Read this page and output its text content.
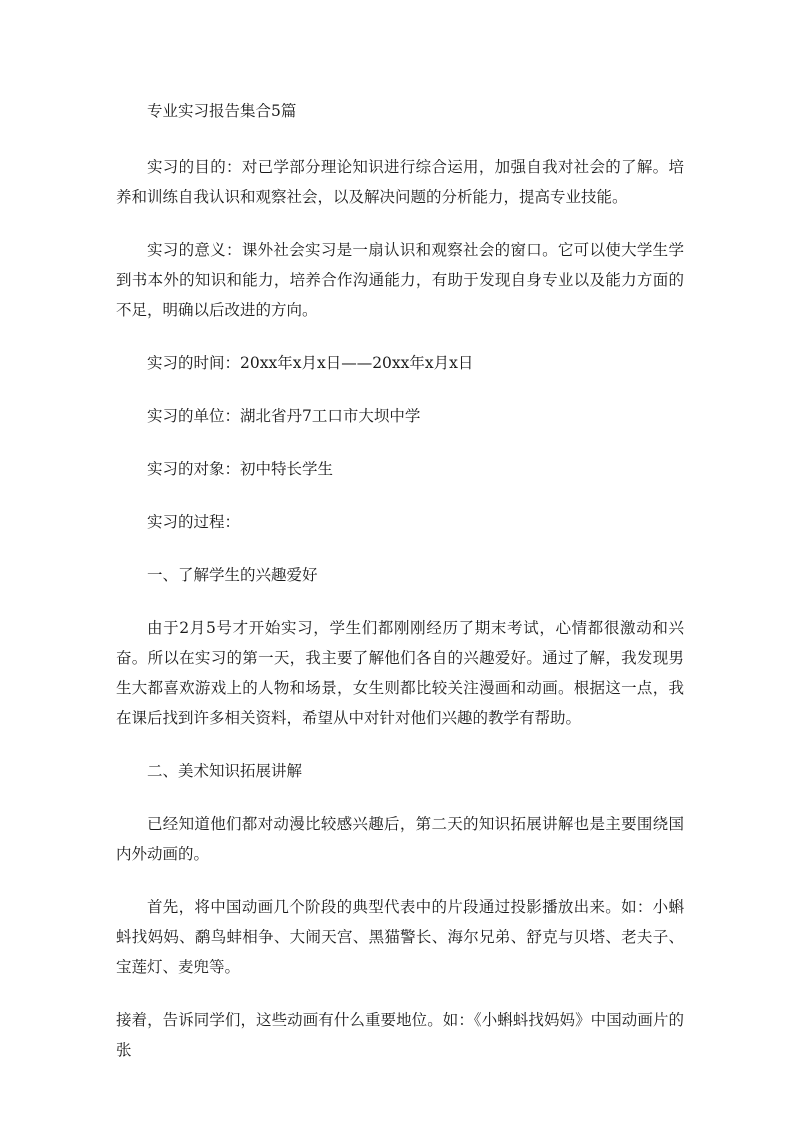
专业实习报告集合5篇

实习的目的：对已学部分理论知识进行综合运用，加强自我对社会的了解。培养和训练自我认识和观察社会，以及解决问题的分析能力，提高专业技能。

实习的意义：课外社会实习是一扇认识和观察社会的窗口。它可以使大学生学到书本外的知识和能力，培养合作沟通能力，有助于发现自身专业以及能力方面的不足，明确以后改进的方向。

实习的时间：20xx年x月x日——20xx年x月x日

实习的单位：湖北省丹7工口市大坝中学

实习的对象：初中特长学生

实习的过程：

一、了解学生的兴趣爱好

由于2月5号才开始实习，学生们都刚刚经历了期末考试，心情都很激动和兴奋。所以在实习的第一天，我主要了解他们各自的兴趣爱好。通过了解，我发现男生大都喜欢游戏上的人物和场景，女生则都比较关注漫画和动画。根据这一点，我在课后找到许多相关资料，希望从中对针对他们兴趣的教学有帮助。

二、美术知识拓展讲解

已经知道他们都对动漫比较感兴趣后，第二天的知识拓展讲解也是主要围绕国内外动画的。

首先，将中国动画几个阶段的典型代表中的片段通过投影播放出来。如：小蝌蚪找妈妈、鹬鸟蚌相争、大闹天宫、黑猫警长、海尔兄弟、舒克与贝塔、老夫子、宝莲灯、麦兜等。

接着，告诉同学们，这些动画有什么重要地位。如：《小蝌蚪找妈妈》中国动画片的张
